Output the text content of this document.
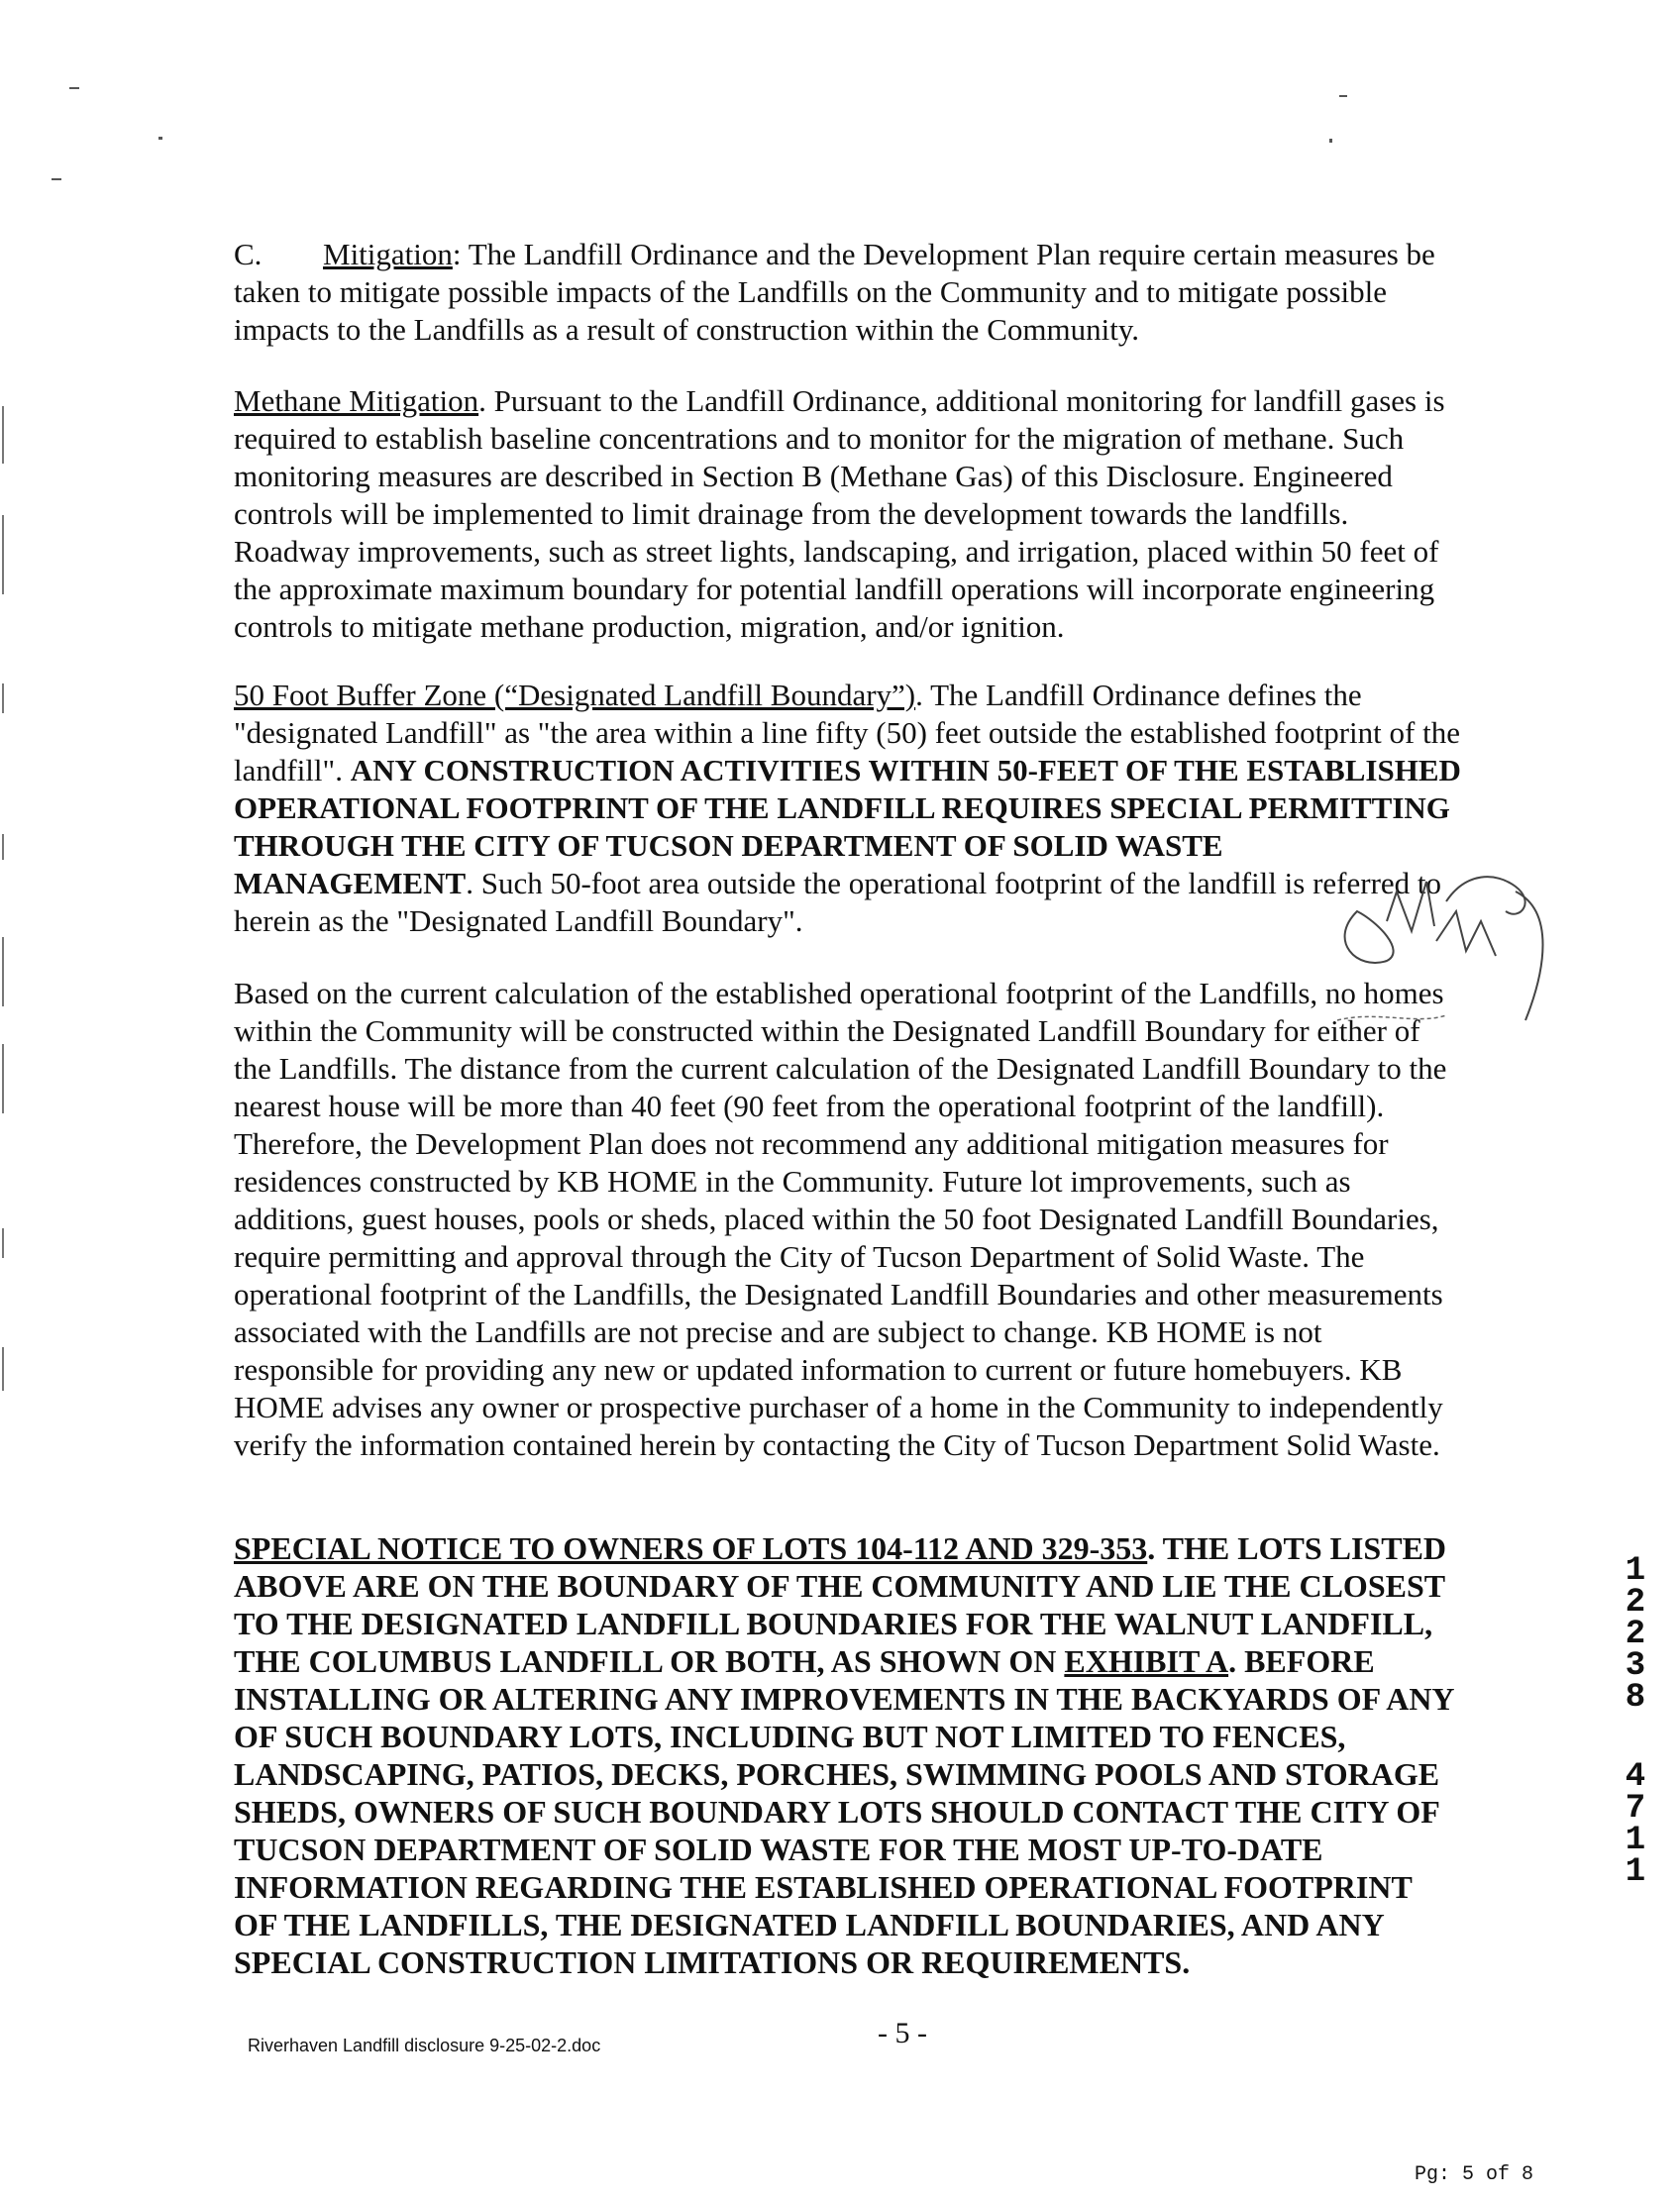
C. Mitigation: The Landfill Ordinance and the Development Plan require certain measures be taken to mitigate possible impacts of the Landfills on the Community and to mitigate possible impacts to the Landfills as a result of construction within the Community.

Methane Mitigation. Pursuant to the Landfill Ordinance, additional monitoring for landfill gases is required to establish baseline concentrations and to monitor for the migration of methane. Such monitoring measures are described in Section B (Methane Gas) of this Disclosure. Engineered controls will be implemented to limit drainage from the development towards the landfills. Roadway improvements, such as street lights, landscaping, and irrigation, placed within 50 feet of the approximate maximum boundary for potential landfill operations will incorporate engineering controls to mitigate methane production, migration, and/or ignition.

50 Foot Buffer Zone (“Designated Landfill Boundary”). The Landfill Ordinance defines the "designated Landfill" as "the area within a line fifty (50) feet outside the established footprint of the landfill". ANY CONSTRUCTION ACTIVITIES WITHIN 50-FEET OF THE ESTABLISHED OPERATIONAL FOOTPRINT OF THE LANDFILL REQUIRES SPECIAL PERMITTING THROUGH THE CITY OF TUCSON DEPARTMENT OF SOLID WASTE MANAGEMENT. Such 50-foot area outside the operational footprint of the landfill is referred to herein as the "Designated Landfill Boundary".

Based on the current calculation of the established operational footprint of the Landfills, no homes within the Community will be constructed within the Designated Landfill Boundary for either of the Landfills. The distance from the current calculation of the Designated Landfill Boundary to the nearest house will be more than 40 feet (90 feet from the operational footprint of the landfill). Therefore, the Development Plan does not recommend any additional mitigation measures for residences constructed by KB HOME in the Community. Future lot improvements, such as additions, guest houses, pools or sheds, placed within the 50 foot Designated Landfill Boundaries, require permitting and approval through the City of Tucson Department of Solid Waste. The operational footprint of the Landfills, the Designated Landfill Boundaries and other measurements associated with the Landfills are not precise and are subject to change. KB HOME is not responsible for providing any new or updated information to current or future homebuyers. KB HOME advises any owner or prospective purchaser of a home in the Community to independently verify the information contained herein by contacting the City of Tucson Department Solid Waste.

SPECIAL NOTICE TO OWNERS OF LOTS 104-112 AND 329-353. THE LOTS LISTED ABOVE ARE ON THE BOUNDARY OF THE COMMUNITY AND LIE THE CLOSEST TO THE DESIGNATED LANDFILL BOUNDARIES FOR THE WALNUT LANDFILL, THE COLUMBUS LANDFILL OR BOTH, AS SHOWN ON EXHIBIT A. BEFORE INSTALLING OR ALTERING ANY IMPROVEMENTS IN THE BACKYARDS OF ANY OF SUCH BOUNDARY LOTS, INCLUDING BUT NOT LIMITED TO FENCES, LANDSCAPING, PATIOS, DECKS, PORCHES, SWIMMING POOLS AND STORAGE SHEDS, OWNERS OF SUCH BOUNDARY LOTS SHOULD CONTACT THE CITY OF TUCSON DEPARTMENT OF SOLID WASTE FOR THE MOST UP-TO-DATE INFORMATION REGARDING THE ESTABLISHED OPERATIONAL FOOTPRINT OF THE LANDFILLS, THE DESIGNATED LANDFILL BOUNDARIES, AND ANY SPECIAL CONSTRUCTION LIMITATIONS OR REQUIREMENTS.

1
2
2
3
8
4
7
1
1
Riverhaven Landfill disclosure 9-25-02-2.doc	- 5 -
Pg: 5 of 8
